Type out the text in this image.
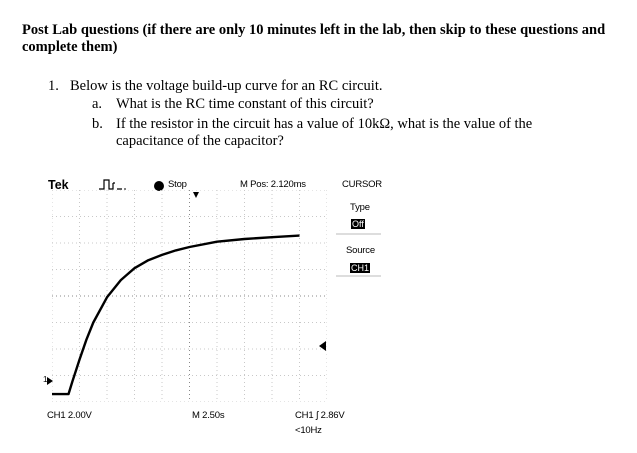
Post Lab questions (if there are only 10 minutes left in the lab, then skip to these questions and complete them)
1. Below is the voltage build-up curve for an RC circuit.
a. What is the RC time constant of this circuit?
b. If the resistor in the circuit has a value of 10kΩ, what is the value of the
capacitance of the capacitor?
Tek	Stop	M Pos: 2.120ms
1
CURSOR
Type
Off
Source
CH1
CH1 2.00V	M 2.50s	CH1 ∫ 2.86V
<10Hz
